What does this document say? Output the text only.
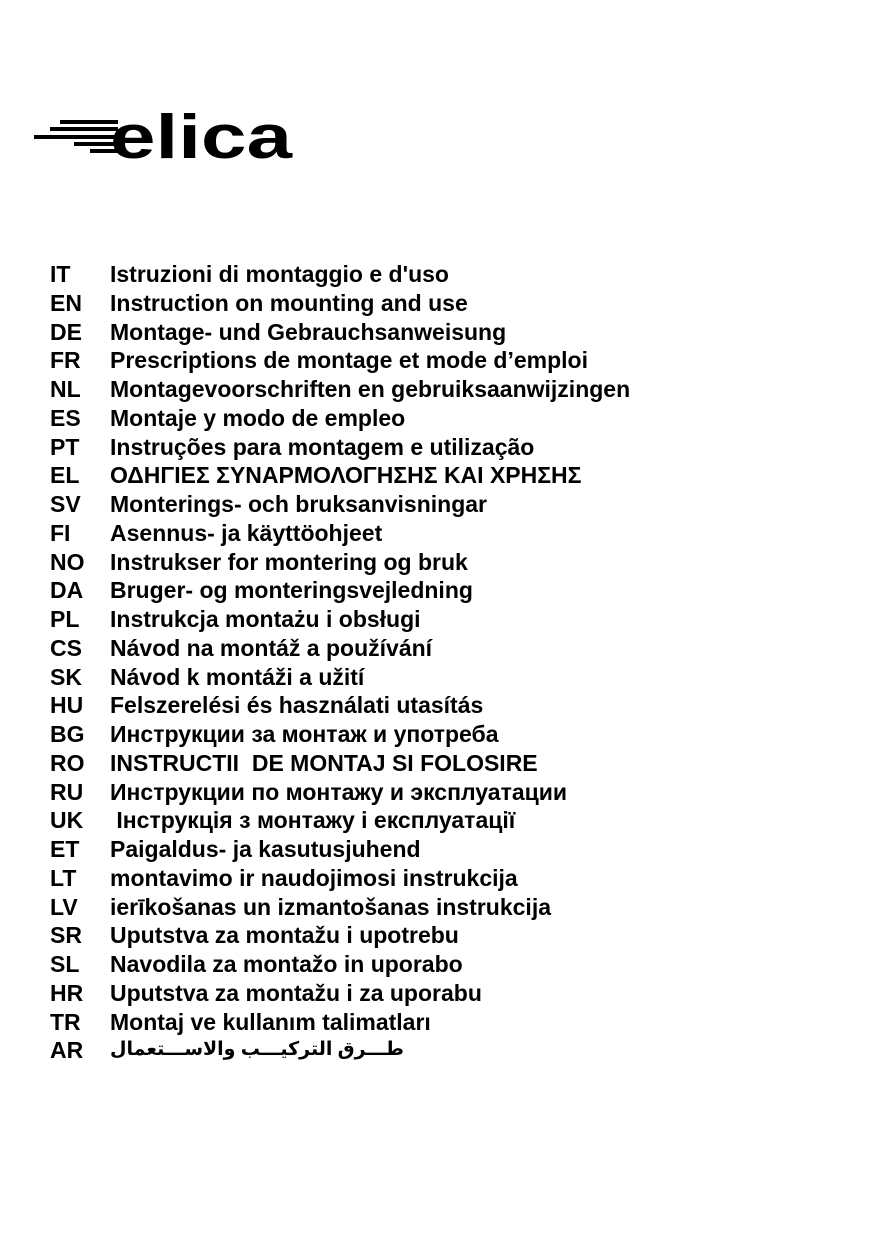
elica
IT Istruzioni di montaggio e d'uso
EN Instruction on mounting and use
DE Montage- und Gebrauchsanweisung
FR Prescriptions de montage et mode d’emploi
NL Montagevoorschriften en gebruiksaanwijzingen
ES Montaje y modo de empleo
PT Instruções para montagem e utilização
EL ΟΔΗΓΙΕΣ ΣΥΝΑΡΜΟΛΟΓΗΣΗΣ ΚΑΙ ΧΡΗΣΗΣ
SV Monterings- och bruksanvisningar
FI Asennus- ja käyttöohjeet
NO Instrukser for montering og bruk
DA Bruger- og monteringsvejledning
PL Instrukcja montażu i obsługi
CS Návod na montáž a používání
SK Návod k montáži a užití
HU Felszerelési és használati utasítás
BG Инструкции за монтаж и употреба
RO INSTRUCTII  DE MONTAJ SI FOLOSIRE
RU Инструкции по монтажу и эксплуатации
UK Інструкція з монтажу і експлуатації
ET Paigaldus- ja kasutusjuhend
LT montavimo ir naudojimosi instrukcija
LV ierīkošanas un izmantošanas instrukcija
SR Uputstva za montažu i upotrebu
SL Navodila za montažo in uporabo
HR Uputstva za montažu i za uporabu
TR Montaj ve kullanım talimatları
AR طـــرق التركيـــب والاســـتعمال
